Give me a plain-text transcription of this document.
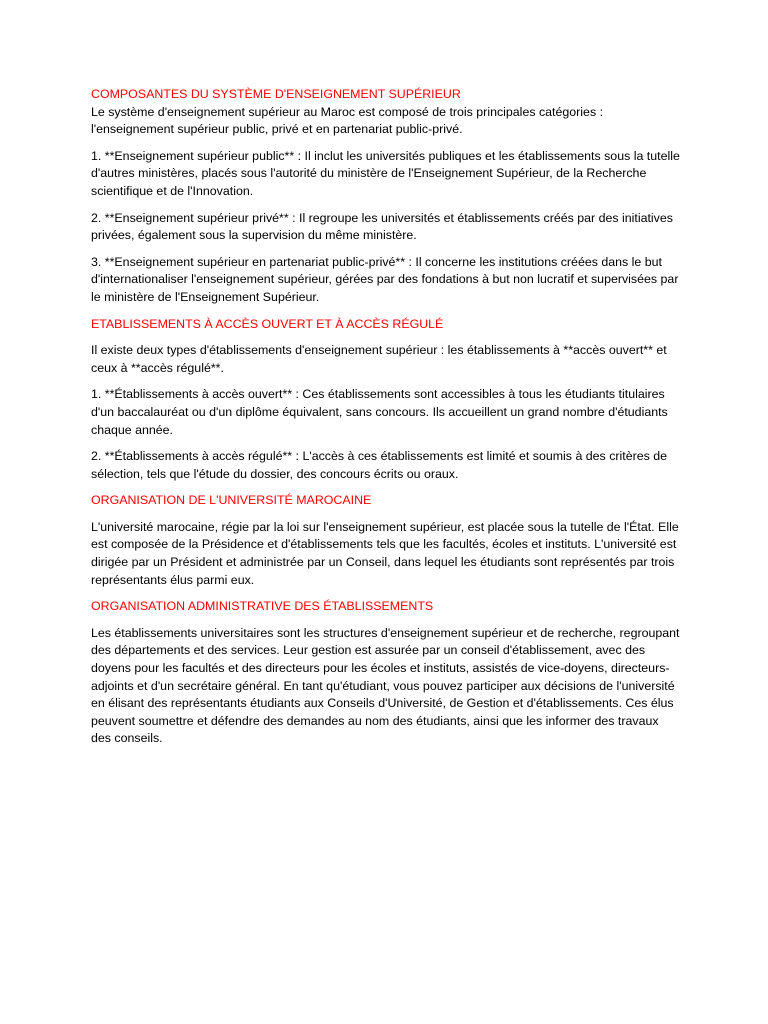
COMPOSANTES DU SYSTÈME D'ENSEIGNEMENT SUPÉRIEUR

Le système d'enseignement supérieur au Maroc est composé de trois principales catégories : l'enseignement supérieur public, privé et en partenariat public-privé.

1. **Enseignement supérieur public** : Il inclut les universités publiques et les établissements sous la tutelle d'autres ministères, placés sous l'autorité du ministère de l'Enseignement Supérieur, de la Recherche scientifique et de l'Innovation.

2. **Enseignement supérieur privé** : Il regroupe les universités et établissements créés par des initiatives privées, également sous la supervision du même ministère.

3. **Enseignement supérieur en partenariat public-privé** : Il concerne les institutions créées dans le but d'internationaliser l'enseignement supérieur, gérées par des fondations à but non lucratif et supervisées par le ministère de l'Enseignement Supérieur.

ETABLISSEMENTS À ACCÈS OUVERT ET À ACCÈS RÉGULÉ

Il existe deux types d'établissements d'enseignement supérieur : les établissements à **accès ouvert** et ceux à **accès régulé**.

1. **Établissements à accès ouvert** : Ces établissements sont accessibles à tous les étudiants titulaires d'un baccalauréat ou d'un diplôme équivalent, sans concours. Ils accueillent un grand nombre d'étudiants chaque année.

2. **Établissements à accès régulé** : L'accès à ces établissements est limité et soumis à des critères de sélection, tels que l'étude du dossier, des concours écrits ou oraux.

ORGANISATION DE L'UNIVERSITÉ MAROCAINE

L'université marocaine, régie par la loi sur l'enseignement supérieur, est placée sous la tutelle de l'État. Elle est composée de la Présidence et d'établissements tels que les facultés, écoles et instituts. L'université est dirigée par un Président et administrée par un Conseil, dans lequel les étudiants sont représentés par trois représentants élus parmi eux.

ORGANISATION ADMINISTRATIVE DES ÉTABLISSEMENTS

Les établissements universitaires sont les structures d'enseignement supérieur et de recherche, regroupant des départements et des services. Leur gestion est assurée par un conseil d'établissement, avec des doyens pour les facultés et des directeurs pour les écoles et instituts, assistés de vice-doyens, directeurs-adjoints et d'un secrétaire général. En tant qu'étudiant, vous pouvez participer aux décisions de l'université en élisant des représentants étudiants aux Conseils d'Université, de Gestion et d'établissements. Ces élus peuvent soumettre et défendre des demandes au nom des étudiants, ainsi que les informer des travaux des conseils.
